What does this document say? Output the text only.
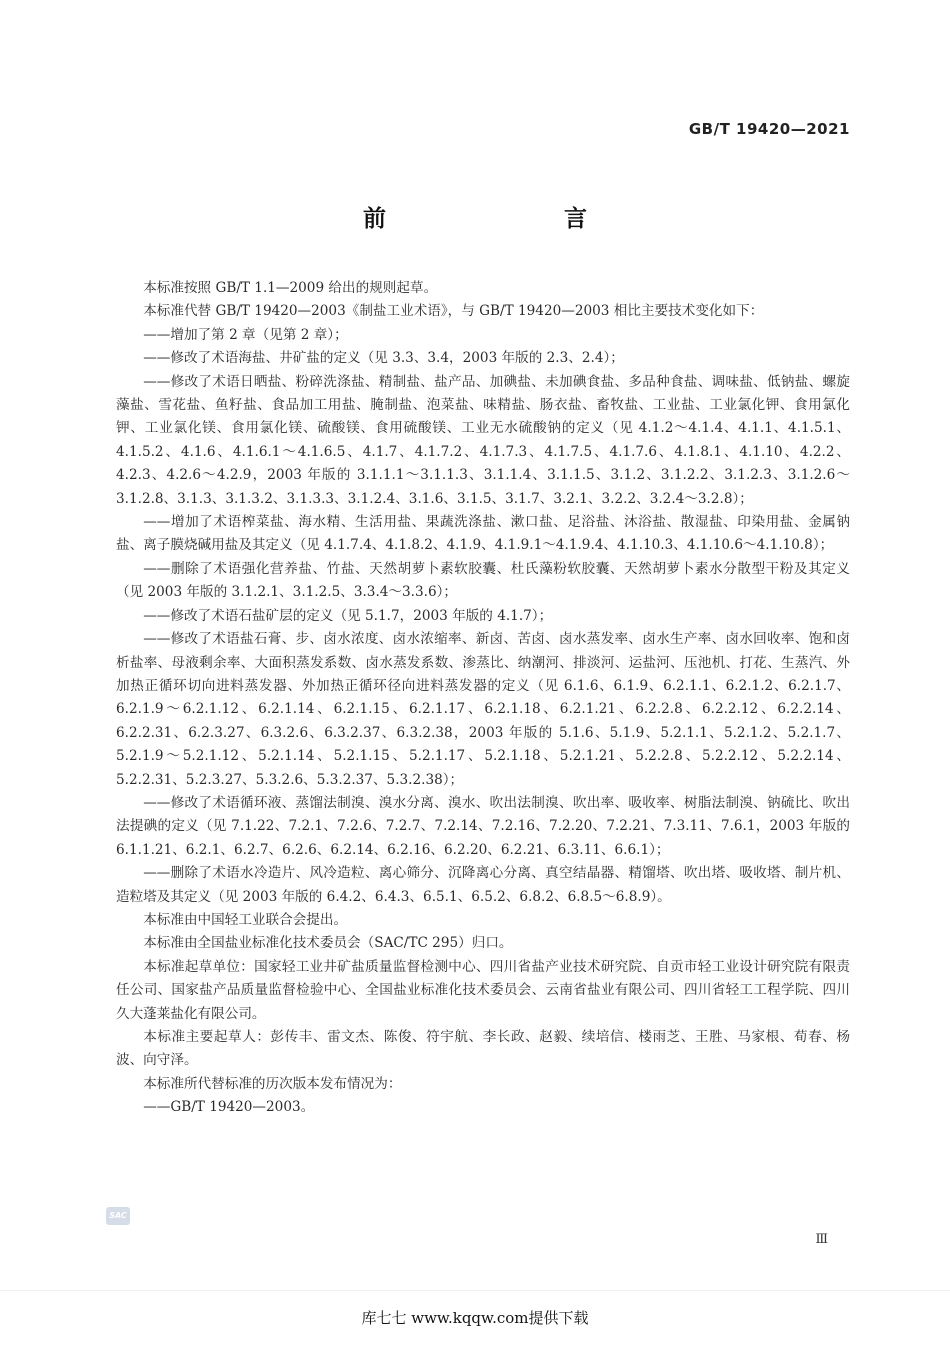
GB/T 19420—2021
前　　言

本标准按照 GB/T 1.1—2009 给出的规则起草。

本标准代替 GB/T 19420—2003《制盐工业术语》，与 GB/T 19420—2003 相比主要技术变化如下：

——增加了第 2 章（见第 2 章）；

——修改了术语海盐、井矿盐的定义（见 3.3、3.4，2003 年版的 2.3、2.4）；

——修改了术语日晒盐、粉碎洗涤盐、精制盐、盐产品、加碘盐、未加碘食盐、多品种食盐、调味盐、低钠盐、螺旋藻盐、雪花盐、鱼籽盐、食品加工用盐、腌制盐、泡菜盐、味精盐、肠衣盐、畜牧盐、工业盐、工业氯化钾、食用氯化钾、工业氯化镁、食用氯化镁、硫酸镁、食用硫酸镁、工业无水硫酸钠的定义（见 4.1.2～4.1.4、4.1.1、4.1.5.1、4.1.5.2、4.1.6、4.1.6.1～4.1.6.5、4.1.7、4.1.7.2、4.1.7.3、4.1.7.5、4.1.7.6、4.1.8.1、4.1.10、4.2.2、4.2.3、4.2.6～4.2.9，2003 年版的 3.1.1.1～3.1.1.3、3.1.1.4、3.1.1.5、3.1.2、3.1.2.2、3.1.2.3、3.1.2.6～3.1.2.8、3.1.3、3.1.3.2、3.1.3.3、3.1.2.4、3.1.6、3.1.5、3.1.7、3.2.1、3.2.2、3.2.4～3.2.8）；

——增加了术语榨菜盐、海水精、生活用盐、果蔬洗涤盐、漱口盐、足浴盐、沐浴盐、散湿盐、印染用盐、金属钠盐、离子膜烧碱用盐及其定义（见 4.1.7.4、4.1.8.2、4.1.9、4.1.9.1～4.1.9.4、4.1.10.3、4.1.10.6～4.1.10.8）；

——删除了术语强化营养盐、竹盐、天然胡萝卜素软胶囊、杜氏藻粉软胶囊、天然胡萝卜素水分散型干粉及其定义（见 2003 年版的 3.1.2.1、3.1.2.5、3.3.4～3.3.6）；

——修改了术语石盐矿层的定义（见 5.1.7，2003 年版的 4.1.7）；

——修改了术语盐石膏、步、卤水浓度、卤水浓缩率、新卤、苦卤、卤水蒸发率、卤水生产率、卤水回收率、饱和卤析盐率、母液剩余率、大面积蒸发系数、卤水蒸发系数、渗蒸比、纳潮河、排淡河、运盐河、压池机、打花、生蒸汽、外加热正循环切向进料蒸发器、外加热正循环径向进料蒸发器的定义（见 6.1.6、6.1.9、6.2.1.1、6.2.1.2、6.2.1.7、6.2.1.9～6.2.1.12、6.2.1.14、6.2.1.15、6.2.1.17、6.2.1.18、6.2.1.21、6.2.2.8、6.2.2.12、6.2.2.14、6.2.2.31、6.2.3.27、6.3.2.6、6.3.2.37、6.3.2.38，2003 年版的 5.1.6、5.1.9、5.2.1.1、5.2.1.2、5.2.1.7、5.2.1.9～5.2.1.12、5.2.1.14、5.2.1.15、5.2.1.17、5.2.1.18、5.2.1.21、5.2.2.8、5.2.2.12、5.2.2.14、5.2.2.31、5.2.3.27、5.3.2.6、5.3.2.37、5.3.2.38）；

——修改了术语循环液、蒸馏法制溴、溴水分离、溴水、吹出法制溴、吹出率、吸收率、树脂法制溴、钠硫比、吹出法提碘的定义（见 7.1.22、7.2.1、7.2.6、7.2.7、7.2.14、7.2.16、7.2.20、7.2.21、7.3.11、7.6.1，2003 年版的 6.1.1.21、6.2.1、6.2.7、6.2.6、6.2.14、6.2.16、6.2.20、6.2.21、6.3.11、6.6.1）；

——删除了术语水冷造片、风冷造粒、离心筛分、沉降离心分离、真空结晶器、精馏塔、吹出塔、吸收塔、制片机、造粒塔及其定义（见 2003 年版的 6.4.2、6.4.3、6.5.1、6.5.2、6.8.2、6.8.5～6.8.9）。

本标准由中国轻工业联合会提出。

本标准由全国盐业标准化技术委员会（SAC/TC 295）归口。

本标准起草单位：国家轻工业井矿盐质量监督检测中心、四川省盐产业技术研究院、自贡市轻工业设计研究院有限责任公司、国家盐产品质量监督检验中心、全国盐业标准化技术委员会、云南省盐业有限公司、四川省轻工工程学院、四川久大蓬莱盐化有限公司。

本标准主要起草人：彭传丰、雷文杰、陈俊、符宇航、李长政、赵毅、续培信、楼雨芝、王胜、马家根、荀春、杨波、向守泽。

本标准所代替标准的历次版本发布情况为：

——GB/T 19420—2003。

SAC
Ⅲ
库七七 www.kqqw.com提供下载
